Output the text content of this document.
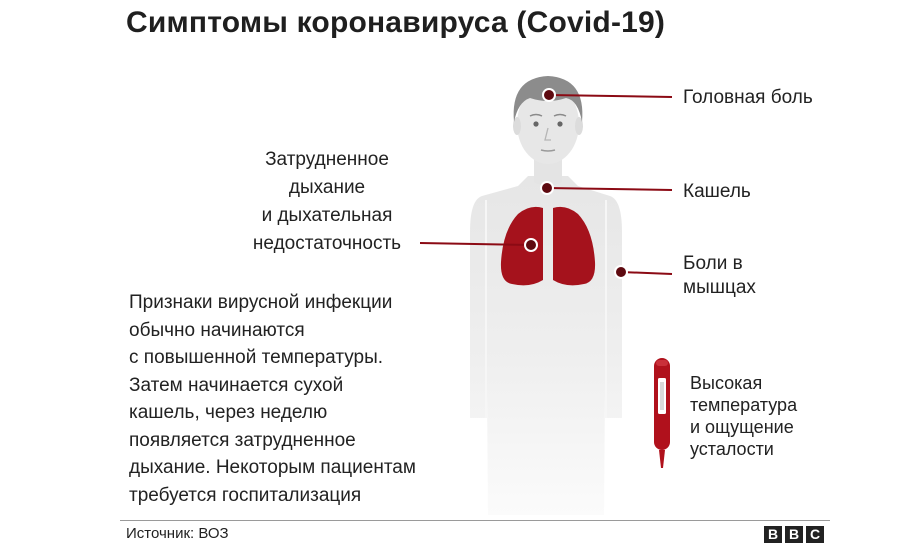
Симптомы коронавируса (Covid-19)
Головная боль
Кашель
Боли в
мышцах
Затрудненное
дыхание
и дыхательная
недостаточность
Высокая
температура
и ощущение
усталости
Признаки вирусной инфекции
обычно начинаются
с повышенной температуры.
Затем начинается сухой
кашель, через неделю
появляется затрудненное
дыхание. Некоторым пациентам
требуется госпитализация
Источник: ВОЗ	B B C
